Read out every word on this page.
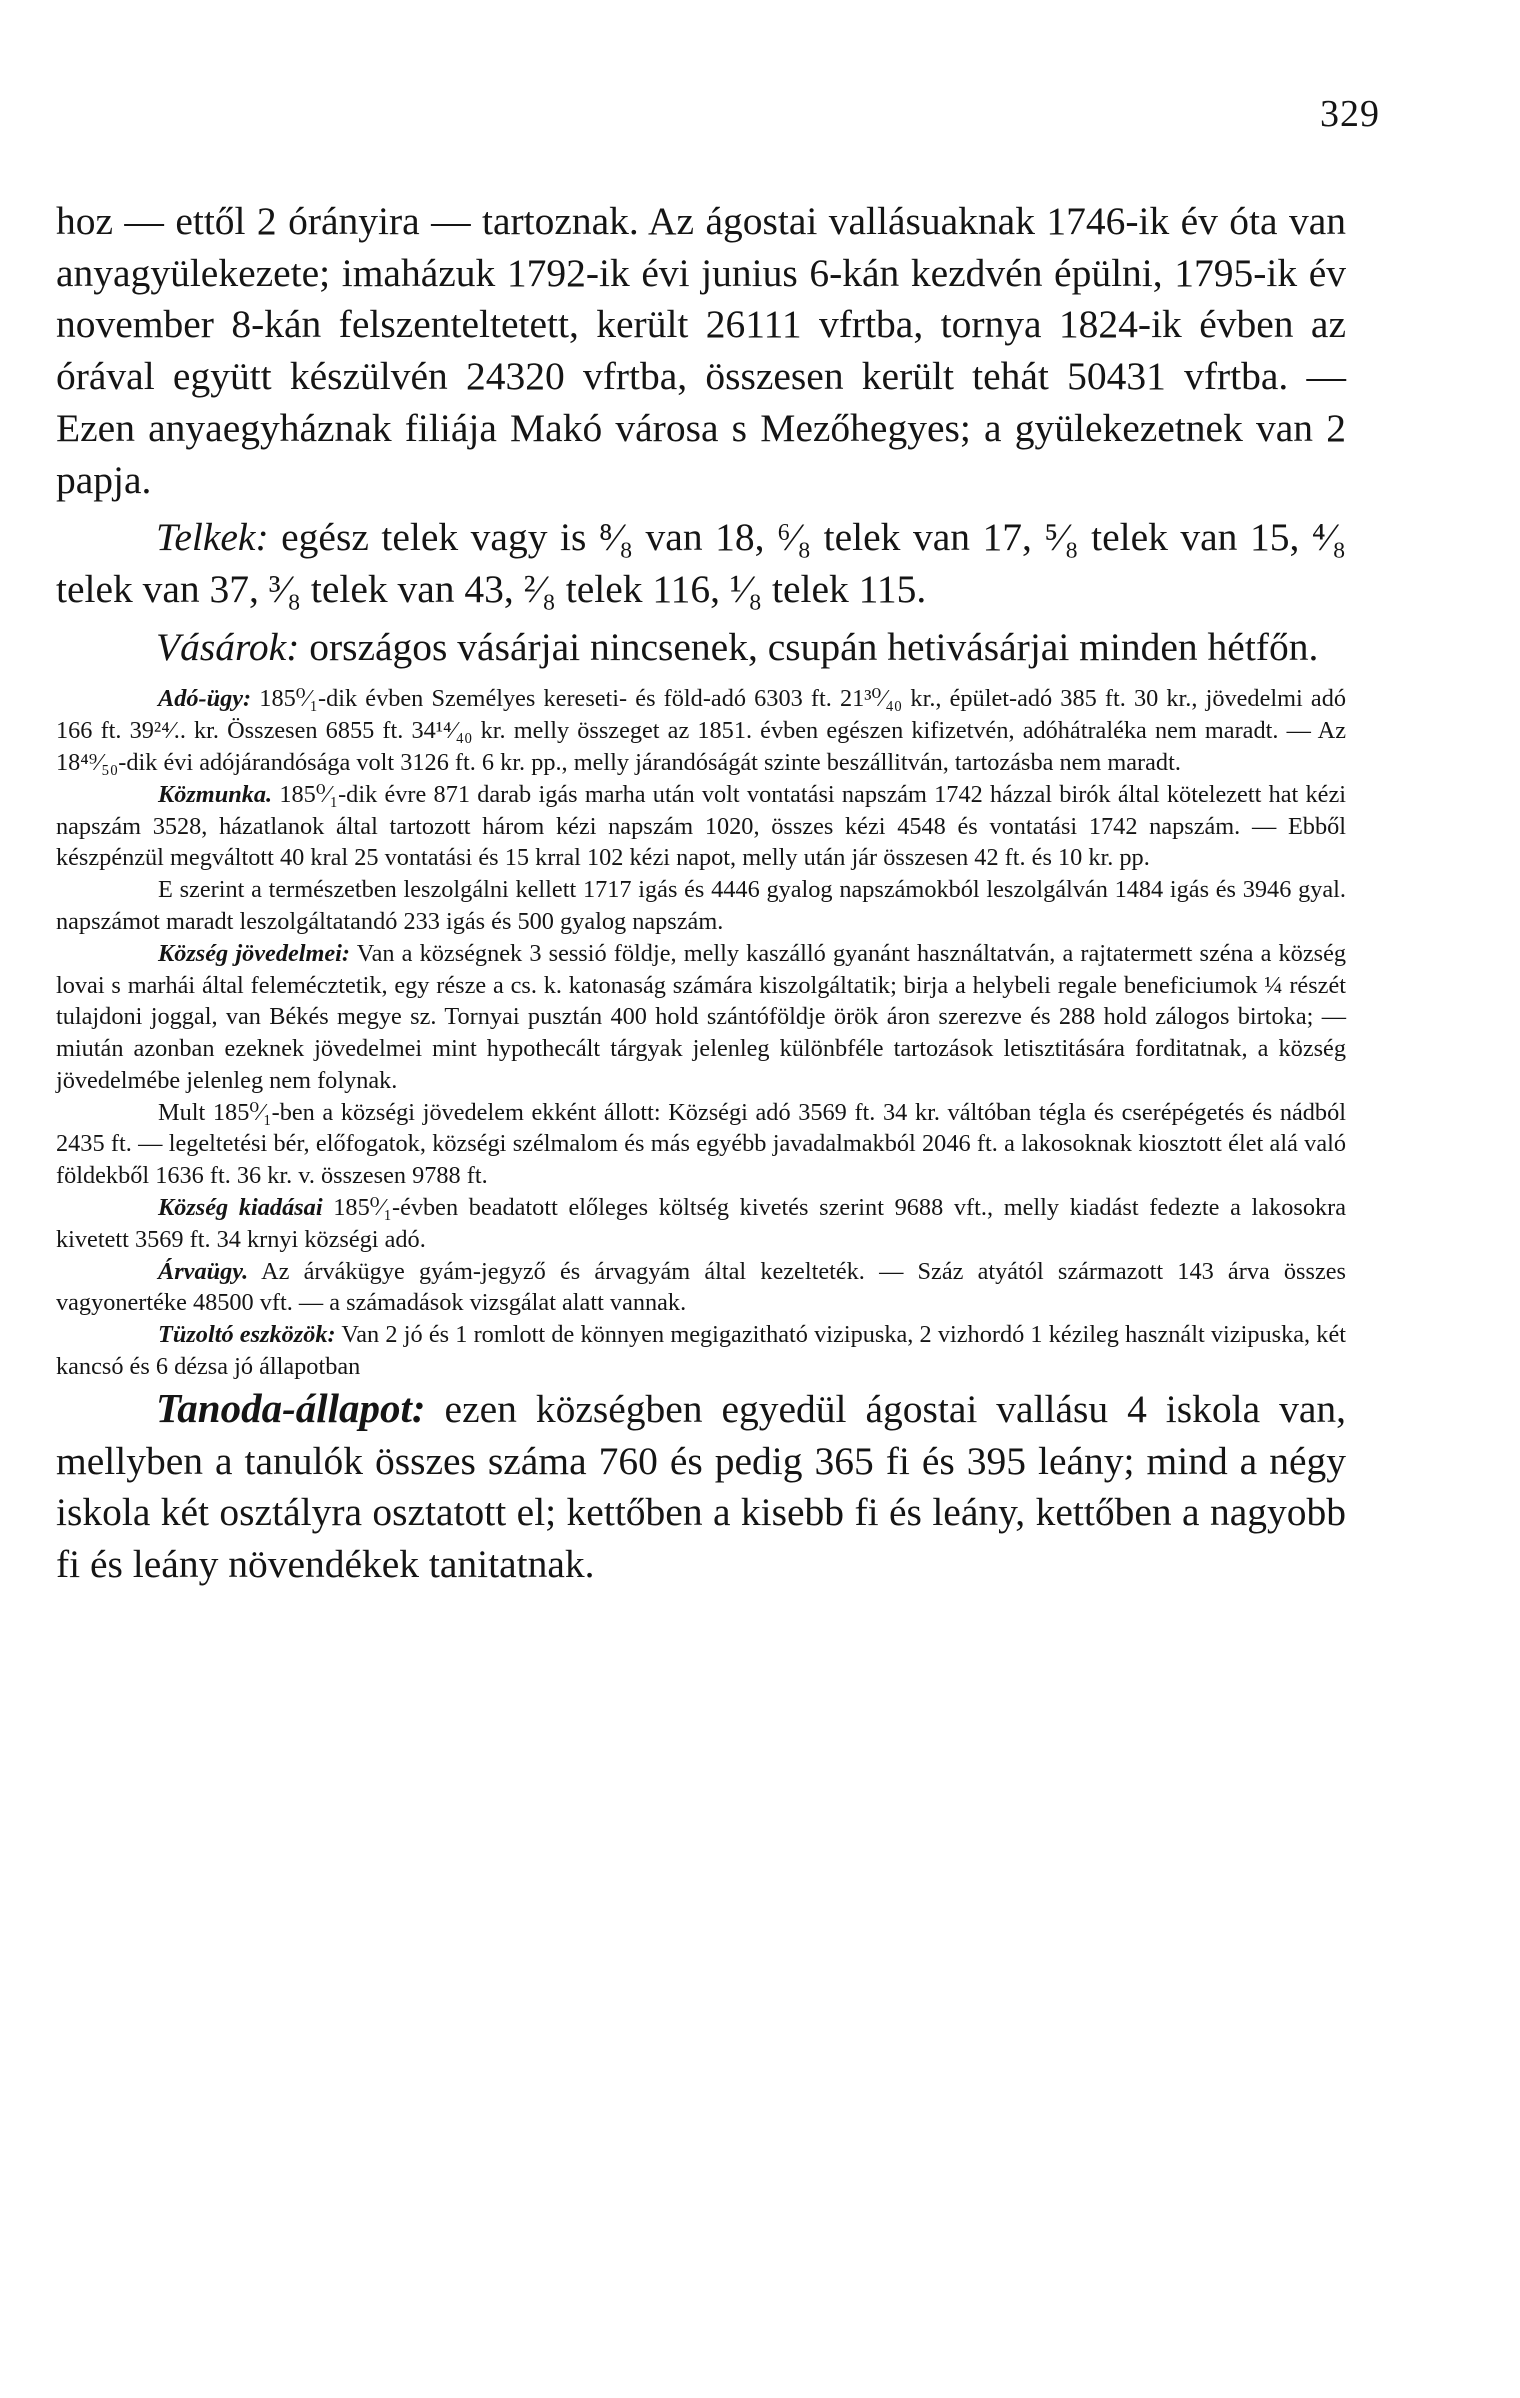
329

hoz — ettől 2 órányira — tartoznak. Az ágostai vallásuaknak 1746-ik év óta van anyagyülekezete; imaházuk 1792-ik évi junius 6-kán kezdvén épülni, 1795-ik év november 8-kán felszenteltetett, került 26111 vfrtba, tornya 1824-ik évben az órával együtt készülvén 24320 vfrtba, összesen került tehát 50431 vfrtba. — Ezen anyaegyháznak filiája Makó városa s Mezőhegyes; a gyülekezetnek van 2 papja.

Telkek: egész telek vagy is ⁸⁄₈ van 18, ⁶⁄₈ telek van 17, ⁵⁄₈ telek van 15, ⁴⁄₈ telek van 37, ³⁄₈ telek van 43, ²⁄₈ telek 116, ¹⁄₈ telek 115.

Vásárok: országos vásárjai nincsenek, csupán hetivásárjai minden hétfőn.

Adó-ügy: 185⁰⁄₁-dik évben Személyes kereseti- és föld-adó 6303 ft. 21³⁰⁄₄₀ kr., épület-adó 385 ft. 30 kr., jövedelmi adó 166 ft. 39²⁴⁄.. kr. Összesen 6855 ft. 34¹⁴⁄₄₀ kr. melly összeget az 1851. évben egészen kifizetvén, adóhátraléka nem maradt. — Az 18⁴⁹⁄₅₀-dik évi adójárandósága volt 3126 ft. 6 kr. pp., melly járandóságát szinte beszállitván, tartozásba nem maradt.

Közmunka. 185⁰⁄₁-dik évre 871 darab igás marha után volt vontatási napszám 1742 házzal birók által kötelezett hat kézi napszám 3528, házatlanok által tartozott három kézi napszám 1020, összes kézi 4548 és vontatási 1742 napszám. — Ebből készpénzül megváltott 40 kral 25 vontatási és 15 krral 102 kézi napot, melly után jár összesen 42 ft. és 10 kr. pp.

E szerint a természetben leszolgálni kellett 1717 igás és 4446 gyalog napszámokból leszolgálván 1484 igás és 3946 gyal. napszámot maradt leszolgáltatandó 233 igás és 500 gyalog napszám.

Község jövedelmei: Van a községnek 3 sessió földje, melly kaszálló gyanánt használtatván, a rajtatermett széna a község lovai s marhái által feleméсztetik, egy része a cs. k. katonaság számára kiszolgáltatik; birja a helybeli regale beneficiumok ¼ részét tulajdoni joggal, van Békés megye sz. Tornyai pusztán 400 hold szántóföldje örök áron szerezve és 288 hold zálogos birtoka; — miután azonban ezeknek jövedelmei mint hypothecált tárgyak jelenleg különbféle tartozások letisztitására forditatnak, a község jövedelmébe jelenleg nem folynak.

Mult 185⁰⁄₁-ben a községi jövedelem ekként állott: Községi adó 3569 ft. 34 kr. váltóban tégla és cserépégetés és nádból 2435 ft. — legeltetési bér, előfogatok, községi szélmalom és más egyébb javadalmakból 2046 ft. a lakosoknak kiosztott élet alá való földekből 1636 ft. 36 kr. v. összesen 9788 ft.

Község kiadásai 185⁰⁄₁-évben beadatott előleges költség kivetés szerint 9688 vft., melly kiadást fedezte a lakosokra kivetett 3569 ft. 34 krnyi községi adó.

Árvaügy. Az árvákügye gyám-jegyző és árvagyám által kezelteték. — Száz atyától származott 143 árva összes vagyonertéke 48500 vft. — a számadások vizsgálat alatt vannak.

Tüzoltó eszközök: Van 2 jó és 1 romlott de könnyen megigazitható vizipuska, 2 vizhordó 1 kézileg használt vizipuska, két kancsó és 6 dézsa jó állapotban

Tanoda-állapot: ezen községben egyedül ágostai vallásu 4 iskola van, mellyben a tanulók összes száma 760 és pedig 365 fi és 395 leány; mind a négy iskola két osztályra osztatott el; kettőben a kisebb fi és leány, kettőben a nagyobb fi és leány növendékek tanitatnak.
